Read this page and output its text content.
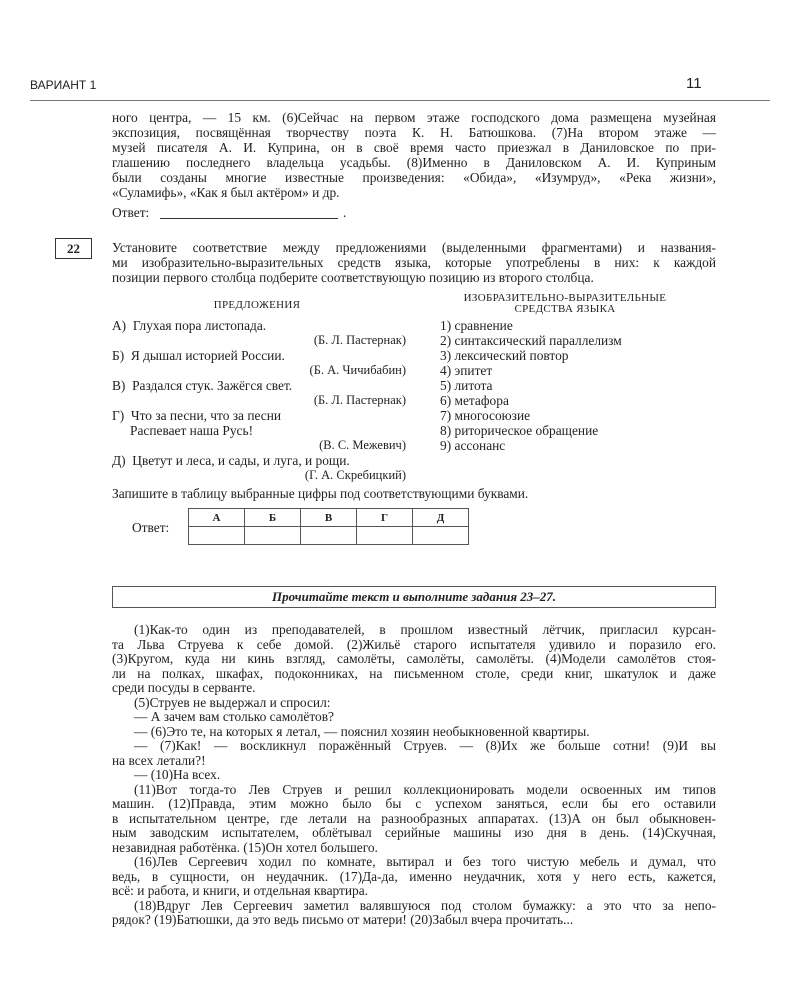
ВАРИАНТ 1	11
ного центра, — 15 км. (6)Сейчас на первом этаже господского дома размещена музейная
экспозиция, посвящённая творчеству поэта К. Н. Батюшкова. (7)На втором этаже —
музей писателя А. И. Куприна, он в своё время часто приезжал в Даниловское по при-
глашению последнего владельца усадьбы. (8)Именно в Даниловском А. И. Куприным
были созданы многие известные произведения: «Обида», «Изумруд», «Река жизни»,
«Суламифь», «Как я был актёром» и др.
Ответ:	.
22	Установите соответствие между предложениями (выделенными фрагментами) и названия-
ми изобразительно-выразительных средств языка, которые употреблены в них: к каждой
позиции первого столбца подберите соответствующую позицию из второго столбца.
ПРЕДЛОЖЕНИЯ
ИЗОБРАЗИТЕЛЬНО-ВЫРАЗИТЕЛЬНЫЕ
СРЕДСТВА ЯЗЫКА
А)  Глухая пора листопада.
(Б. Л. Пастернак)
Б)  Я дышал историей России.
(Б. А. Чичибабин)
В)  Раздался стук. Зажёгся свет.
(Б. Л. Пастернак)
Г)  Что за песни, что за песни
Распевает наша Русь!
(В. С. Межевич)
Д)  Цветут и леса, и сады, и луга, и рощи.
(Г. А. Скребицкий)
1) сравнение
2) синтаксический параллелизм
3) лексический повтор
4) эпитет
5) литота
6) метафора
7) многосоюзие
8) риторическое обращение
9) ассонанс
Запишите в таблицу выбранные цифры под соответствующими буквами.
Ответ:
А	Б	В	Г	Д

Прочитайте текст и выполните задания 23–27.
(1)Как-то один из преподавателей, в прошлом известный лётчик, пригласил курсан-
та Льва Струева к себе домой. (2)Жильё старого испытателя удивило и поразило его.
(3)Кругом, куда ни кинь взгляд, самолёты, самолёты, самолёты. (4)Модели самолётов стоя-
ли на полках, шкафах, подоконниках, на письменном столе, среди книг, шкатулок и даже
среди посуды в серванте.
(5)Струев не выдержал и спросил:
— А зачем вам столько самолётов?
— (6)Это те, на которых я летал, — пояснил хозяин необыкновенной квартиры.
— (7)Как! — воскликнул поражённый Струев. — (8)Их же больше сотни! (9)И вы
на всех летали?!
— (10)На всех.
(11)Вот тогда-то Лев Струев и решил коллекционировать модели освоенных им типов
машин. (12)Правда, этим можно было бы с успехом заняться, если бы его оставили
в испытательном центре, где летали на разнообразных аппаратах. (13)А он был обыкновен-
ным заводским испытателем, облётывал серийные машины изо дня в день. (14)Скучная,
незавидная работёнка. (15)Он хотел большего.
(16)Лев Сергеевич ходил по комнате, вытирал и без того чистую мебель и думал, что
ведь, в сущности, он неудачник. (17)Да-да, именно неудачник, хотя у него есть, кажется,
всё: и работа, и книги, и отдельная квартира.
(18)Вдруг Лев Сергеевич заметил валявшуюся под столом бумажку: а это что за непо-
рядок? (19)Батюшки, да это ведь письмо от матери! (20)Забыл вчера прочитать...
